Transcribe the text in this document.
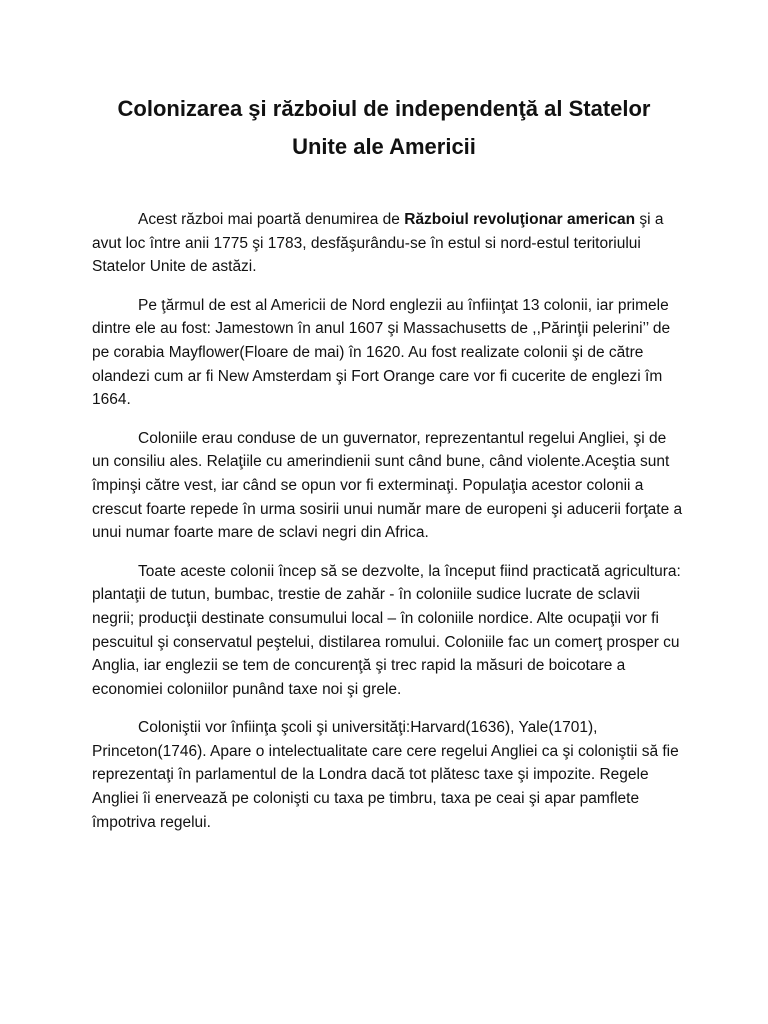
Colonizarea şi războiul de independenţă al Statelor
Unite ale Americii

Acest război mai poartă denumirea de Războiul revoluţionar american şi a avut loc între anii 1775 şi 1783, desfăşurându-se în estul si nord-estul teritoriului Statelor Unite de astăzi.

Pe ţărmul de est al Americii de Nord englezii au înfiinţat 13 colonii, iar primele dintre ele au fost: Jamestown în anul 1607 şi Massachusetts de ,,Părinţii pelerini’’ de pe corabia Mayflower(Floare de mai) în 1620. Au fost realizate colonii şi de către olandezi cum ar fi New Amsterdam şi Fort Orange care vor fi cucerite de englezi îm 1664.

Coloniile erau conduse de un guvernator, reprezentantul regelui Angliei, şi de un consiliu ales. Relaţiile cu amerindienii sunt când bune, când violente.Aceştia sunt împinşi către vest, iar când se opun vor fi exterminaţi. Populaţia acestor colonii a crescut foarte repede în urma sosirii unui număr mare de europeni şi aducerii forţate a unui numar foarte mare de sclavi negri din Africa.

Toate aceste colonii încep să se dezvolte, la început fiind practicată agricultura: plantaţii de tutun, bumbac, trestie de zahăr - în coloniile sudice lucrate de sclavii negrii; producţii destinate consumului local – în coloniile nordice. Alte ocupaţii vor fi pescuitul şi conservatul peştelui, distilarea romului. Coloniile fac un comerţ prosper cu Anglia, iar englezii se tem de concurenţă şi trec rapid la măsuri de boicotare a economiei coloniilor punând taxe noi şi grele.

Coloniştii vor înfiinţa şcoli şi universităţi:Harvard(1636), Yale(1701), Princeton(1746). Apare o intelectualitate care cere regelui Angliei ca şi coloniştii să fie reprezentaţi în parlamentul de la Londra dacă tot plătesc taxe şi impozite. Regele Angliei îi enervează pe colonişti cu taxa pe timbru, taxa pe ceai şi apar pamflete împotriva regelui.
